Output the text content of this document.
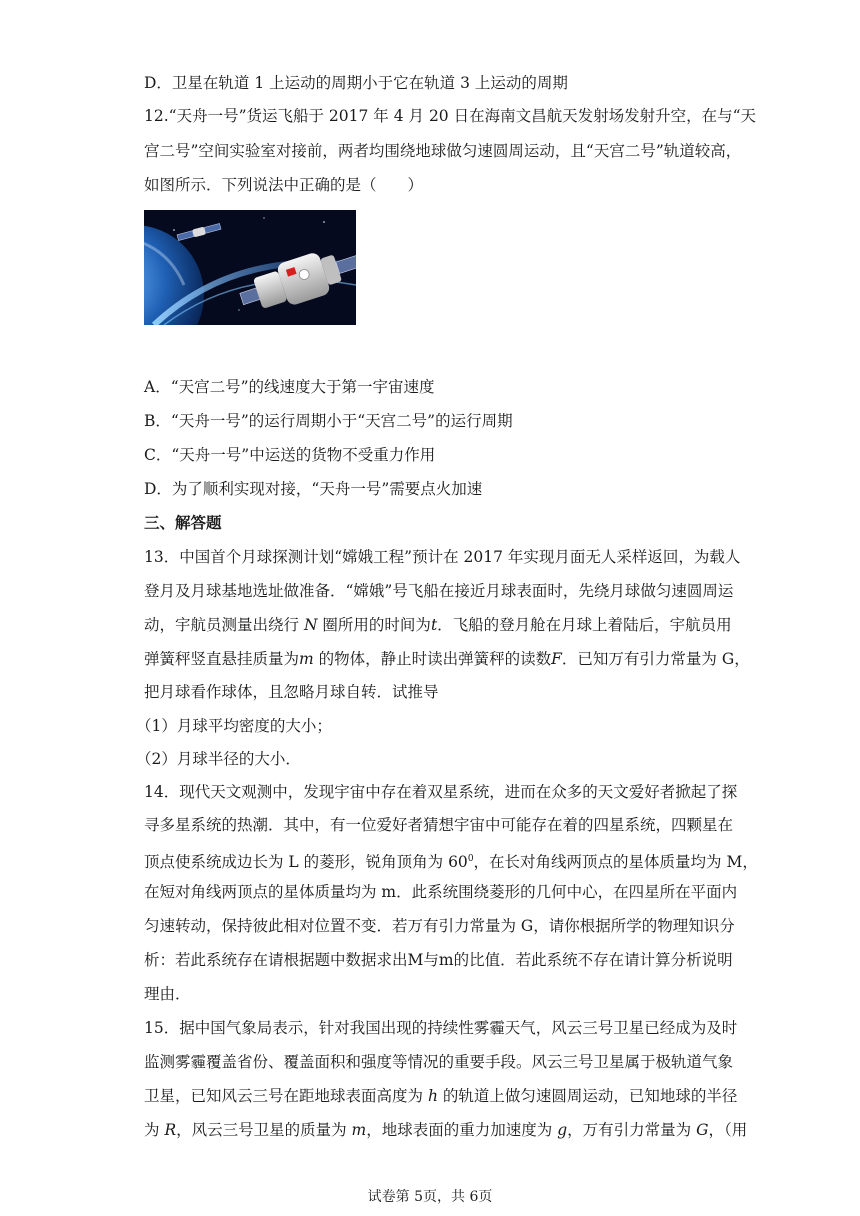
D．卫星在轨道 1 上运动的周期小于它在轨道 3 上运动的周期
12.“天舟一号”货运飞船于 2017 年 4 月 20 日在海南文昌航天发射场发射升空，在与“天
宫二号”空间实验室对接前，两者均围绕地球做匀速圆周运动，且“天宫二号”轨道较高，
如图所示．下列说法中正确的是（　　）
A．“天宫二号”的线速度大于第一宇宙速度
B．“天舟一号”的运行周期小于“天宫二号”的运行周期
C．“天舟一号”中运送的货物不受重力作用
D．为了顺利实现对接，“天舟一号”需要点火加速
三、解答题
13．中国首个月球探测计划“嫦娥工程”预计在 2017 年实现月面无人采样返回，为载人
登月及月球基地选址做准备．“嫦娥”号飞船在接近月球表面时，先绕月球做匀速圆周运
动，宇航员测量出绕行 N 圈所用的时间为t．飞船的登月舱在月球上着陆后，宇航员用
弹簧秤竖直悬挂质量为m 的物体，静止时读出弹簧秤的读数F．已知万有引力常量为 G，
把月球看作球体，且忽略月球自转．试推导
（1）月球平均密度的大小；
（2）月球半径的大小．
14．现代天文观测中，发现宇宙中存在着双星系统，进而在众多的天文爱好者掀起了探
寻多星系统的热潮．其中，有一位爱好者猜想宇宙中可能存在着的四星系统，四颗星在
顶点使系统成边长为 L 的菱形，锐角顶角为 $60^0$，在长对角线两顶点的星体质量均为 M，
在短对角线两顶点的星体质量均为 m．此系统围绕菱形的几何中心，在四星所在平面内
匀速转动，保持彼此相对位置不变．若万有引力常量为 G，请你根据所学的物理知识分
析：若此系统存在请根据题中数据求出M与m的比值．若此系统不存在请计算分析说明
理由．
15．据中国气象局表示，针对我国出现的持续性雾霾天气，风云三号卫星已经成为及时
监测雾霾覆盖省份、覆盖面积和强度等情况的重要手段。风云三号卫星属于极轨道气象
卫星，已知风云三号在距地球表面高度为 h 的轨道上做匀速圆周运动，已知地球的半径
为 R，风云三号卫星的质量为 m，地球表面的重力加速度为 g，万有引力常量为 G，（用
试卷第 5页，共 6页
